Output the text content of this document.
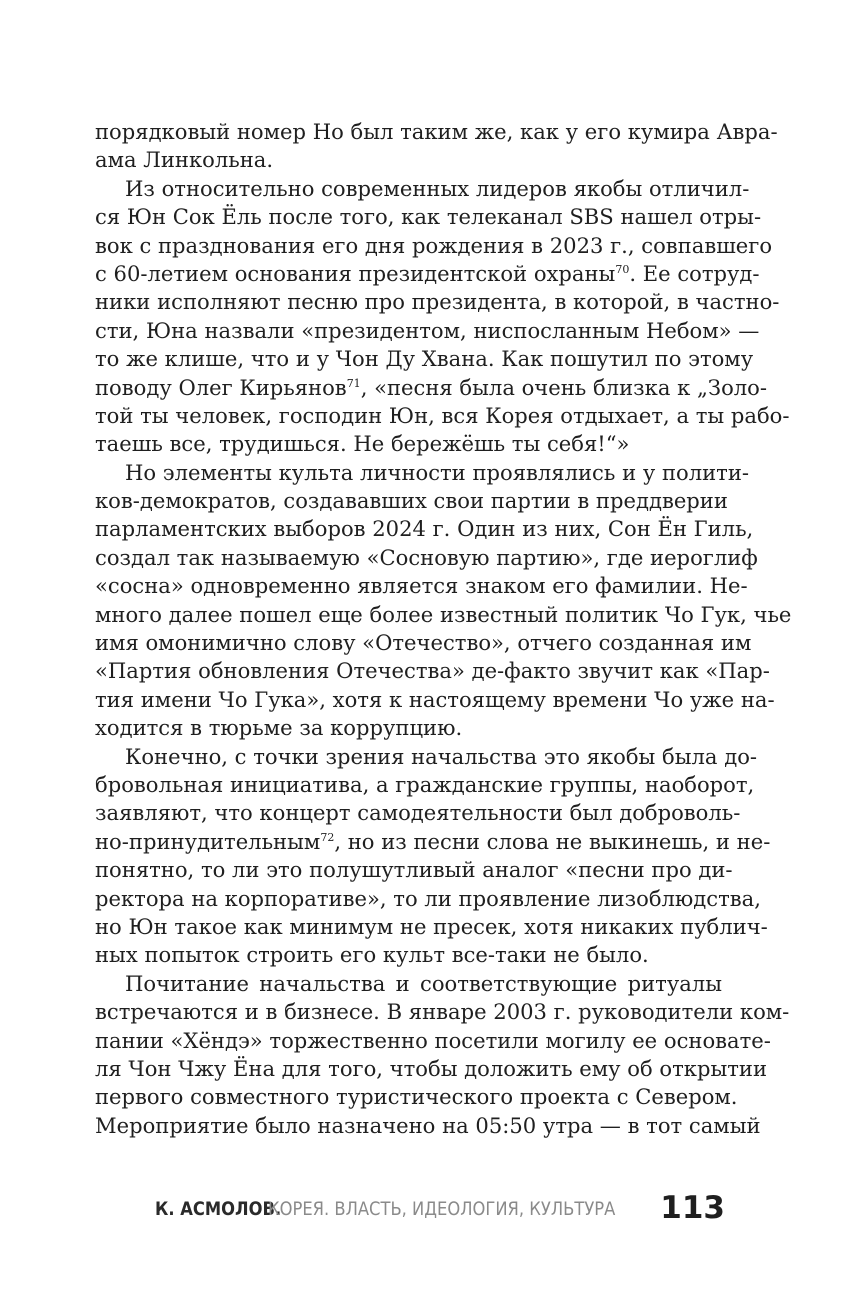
порядковый номер Но был таким же, как у его кумира Авра-
ама Линкольна.
Из относительно современных лидеров якобы отличил-
ся Юн Сок Ёль после того, как телеканал SBS нашел отры-
вок с празднования его дня рождения в 2023 г., совпавшего
с 60-летием основания президентской охраны$^{70}$. Ее сотруд-
ники исполняют песню про президента, в которой, в частно-
сти, Юна назвали «президентом, ниспосланным Небом» —
то же клише, что и у Чон Ду Хвана. Как пошутил по этому
поводу Олег Кирьянов$^{71}$, «песня была очень близка к „Золо-
той ты человек, господин Юн, вся Корея отдыхает, а ты рабо-
таешь все, трудишься. Не бережёшь ты себя!“»
Но элементы культа личности проявлялись и у полити-
ков-демократов, создававших свои партии в преддверии
парламентских выборов 2024 г. Один из них, Сон Ён Гиль,
создал так называемую «Сосновую партию», где иероглиф
«сосна» одновременно является знаком его фамилии. Не-
много далее пошел еще более известный политик Чо Гук, чье
имя омонимично слову «Отечество», отчего созданная им
«Партия обновления Отечества» де-факто звучит как «Пар-
тия имени Чо Гука», хотя к настоящему времени Чо уже на-
ходится в тюрьме за коррупцию.
Конечно, с точки зрения начальства это якобы была до-
бровольная инициатива, а гражданские группы, наоборот,
заявляют, что концерт самодеятельности был доброволь-
но-принудительным$^{72}$, но из песни слова не выкинешь, и не-
понятно, то ли это полушутливый аналог «песни про ди-
ректора на корпоративе», то ли проявление лизоблюдства,
но Юн такое как минимум не пресек, хотя никаких публич-
ных попыток строить его культ все-таки не было.
Почитание начальства и соответствующие ритуалы
встречаются и в бизнесе. В январе 2003 г. руководители ком-
пании «Хёндэ» торжественно посетили могилу ее основате-
ля Чон Чжу Ёна для того, чтобы доложить ему об открытии
первого совместного туристического проекта с Севером.
Мероприятие было назначено на 05:50 утра — в тот самый
К. АСМОЛОВ.
КОРЕЯ. ВЛАСТЬ, ИДЕОЛОГИЯ, КУЛЬТУРА 113
